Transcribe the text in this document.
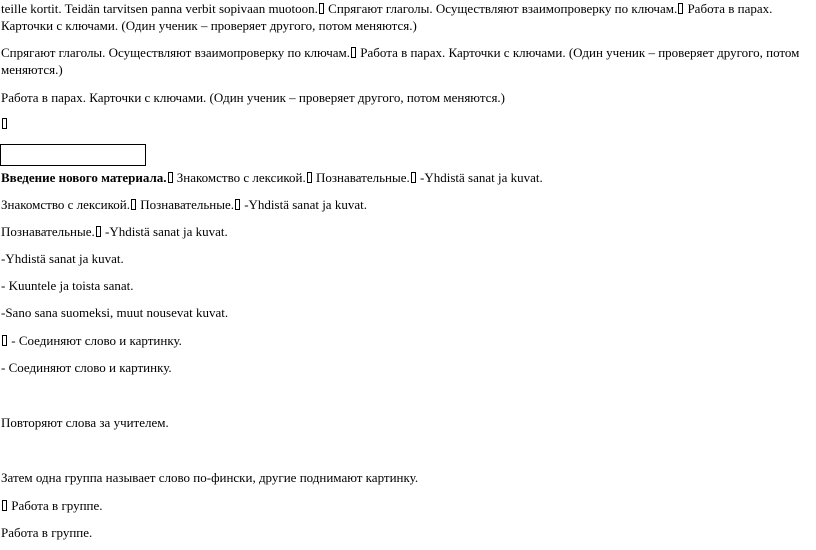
teille kortit. Teidän tarvitsen panna verbit sopivaan muotoon. Спрягают глаголы. Осуществляют взаимопроверку по ключам. Работа в парах. Карточки с ключами. (Один ученик – проверяет другого, потом меняются.)
Спрягают глаголы. Осуществляют взаимопроверку по ключам. Работа в парах. Карточки с ключами. (Один ученик – проверяет другого, потом меняются.)
Работа в парах. Карточки с ключами. (Один ученик – проверяет другого, потом меняются.)
Введение нового материала. Знакомство с лексикой. Познавательные. -Yhdistä sanat ja kuvat.
Знакомство с лексикой. Познавательные. -Yhdistä sanat ja kuvat.
Познавательные. -Yhdistä sanat ja kuvat.
-Yhdistä sanat ja kuvat.
- Kuuntele ja toista sanat.
-Sano sana suomeksi, muut nousevat kuvat.
- Соединяют слово и картинку.
- Соединяют слово и картинку.
Повторяют слова за учителем.
Затем одна группа называет слово по-фински, другие поднимают картинку.
Работа в группе.
Работа в группе.
